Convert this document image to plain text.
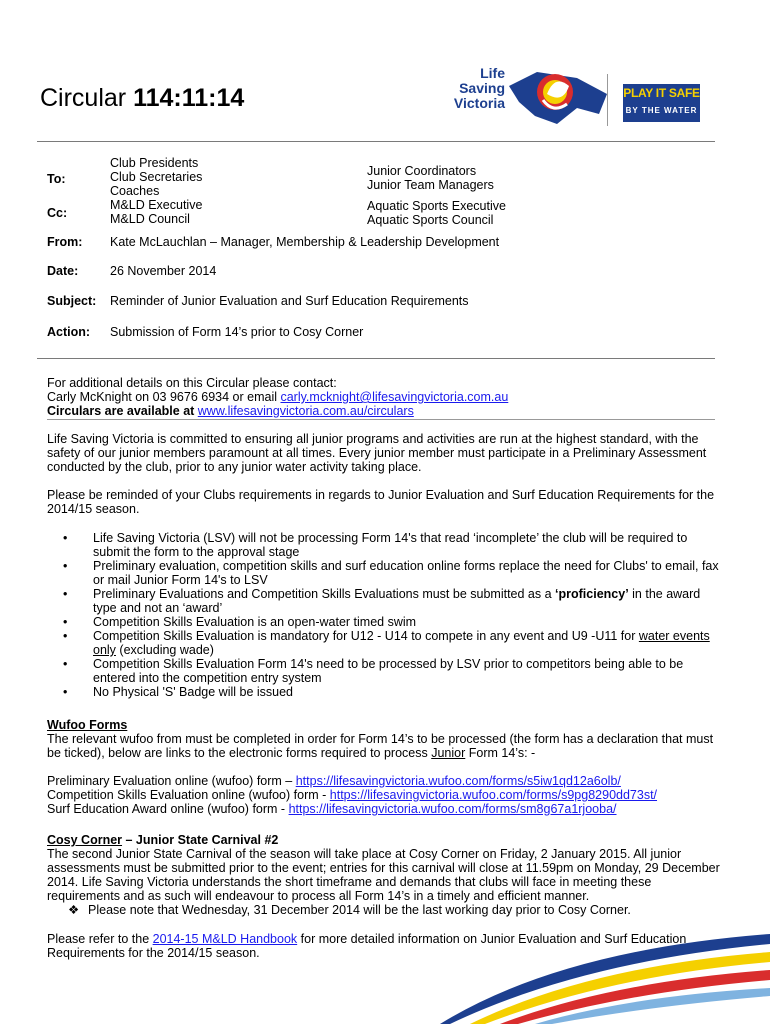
Circular 114:11:14
Life
Saving
Victoria
PLAY IT SAFE
BY THE WATER
To:
Cc:
Club Presidents
Club Secretaries
Coaches
M&LD Executive
M&LD Council
Junior Coordinators
Junior Team Managers
Aquatic Sports Executive
Aquatic Sports Council
From: Kate McLauchlan – Manager, Membership & Leadership Development
Date:	26 November 2014
Subject: Reminder of Junior Evaluation and Surf Education Requirements
Action: Submission of Form 14’s prior to Cosy Corner
For additional details on this Circular please contact:
Carly McKnight on 03 9676 6934 or email carly.mcknight@lifesavingvictoria.com.au
Circulars are available at www.lifesavingvictoria.com.au/circulars
Life Saving Victoria is committed to ensuring all junior programs and activities are run at the highest standard, with the safety of our junior members paramount at all times. Every junior member must participate in a Preliminary Assessment conducted by the club, prior to any junior water activity taking place.
Please be reminded of your Clubs requirements in regards to Junior Evaluation and Surf Education Requirements for the 2014/15 season.
• Life Saving Victoria (LSV) will not be processing Form 14's that read ‘incomplete’ the club will be required to submit the form to the approval stage
• Preliminary evaluation, competition skills and surf education online forms replace the need for Clubs' to email, fax or mail Junior Form 14's to LSV
• Preliminary Evaluations and Competition Skills Evaluations must be submitted as a ‘proficiency’ in the award type and not an ‘award’
• Competition Skills Evaluation is an open-water timed swim
• Competition Skills Evaluation is mandatory for U12 - U14 to compete in any event and U9 -U11 for water events only (excluding wade)
• Competition Skills Evaluation Form 14's need to be processed by LSV prior to competitors being able to be entered into the competition entry system
• No Physical 'S' Badge will be issued
Wufoo Forms
The relevant wufoo from must be completed in order for Form 14’s to be processed (the form has a declaration that must be ticked), below are links to the electronic forms required to process Junior Form 14’s: -
Preliminary Evaluation online (wufoo) form – https://lifesavingvictoria.wufoo.com/forms/s5iw1qd12a6olb/
Competition Skills Evaluation online (wufoo) form - https://lifesavingvictoria.wufoo.com/forms/s9pg8290dd73st/
Surf Education Award online (wufoo) form - https://lifesavingvictoria.wufoo.com/forms/sm8g67a1rjooba/
Cosy Corner – Junior State Carnival #2
The second Junior State Carnival of the season will take place at Cosy Corner on Friday, 2 January 2015. All junior assessments must be submitted prior to the event; entries for this carnival will close at 11.59pm on Monday, 29 December 2014. Life Saving Victoria understands the short timeframe and demands that clubs will face in meeting these requirements and as such will endeavour to process all Form 14’s in a timely and efficient manner.
❖ Please note that Wednesday, 31 December 2014 will be the last working day prior to Cosy Corner.
Please refer to the 2014-15 M&LD Handbook for more detailed information on Junior Evaluation and Surf Education Requirements for the 2014/15 season.
